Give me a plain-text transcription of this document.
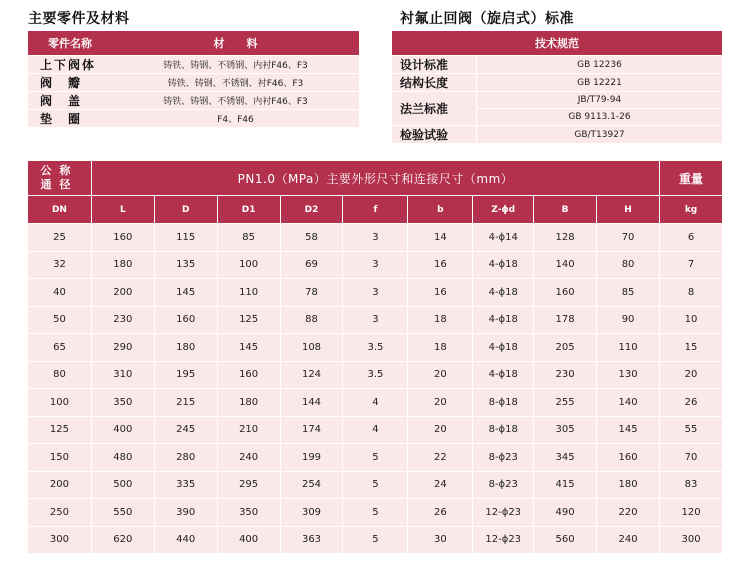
主要零件及材料	衬氟止回阀（旋启式）标准
零件名称	材　　料
上下阀体	铸铁、铸钢、不锈钢、内衬F46、F3
阀　瓣	铸铁、铸钢、不锈钢、衬F46、F3
阀　盖	铸铁、铸钢、不锈钢、内衬F46、F3
垫　圈	F4、F46
技术规范	
设计标准	GB 12236
结构长度	GB 12221
法兰标准	JB/T79-94
	GB 9113.1-26
检验试验	GB/T13927
公称
通径	PN1.0（MPa）主要外形尺寸和连接尺寸（mm）									重量
DN	L	D	D1	D2	f	b	Z-ϕd	B	H	kg
25	160	115	85	58	3	14	4-ϕ14	128	70	6
32	180	135	100	69	3	16	4-ϕ18	140	80	7
40	200	145	110	78	3	16	4-ϕ18	160	85	8
50	230	160	125	88	3	18	4-ϕ18	178	90	10
65	290	180	145	108	3.5	18	4-ϕ18	205	110	15
80	310	195	160	124	3.5	20	4-ϕ18	230	130	20
100	350	215	180	144	4	20	8-ϕ18	255	140	26
125	400	245	210	174	4	20	8-ϕ18	305	145	55
150	480	280	240	199	5	22	8-ϕ23	345	160	70
200	500	335	295	254	5	24	8-ϕ23	415	180	83
250	550	390	350	309	5	26	12-ϕ23	490	220	120
300	620	440	400	363	5	30	12-ϕ23	560	240	300
